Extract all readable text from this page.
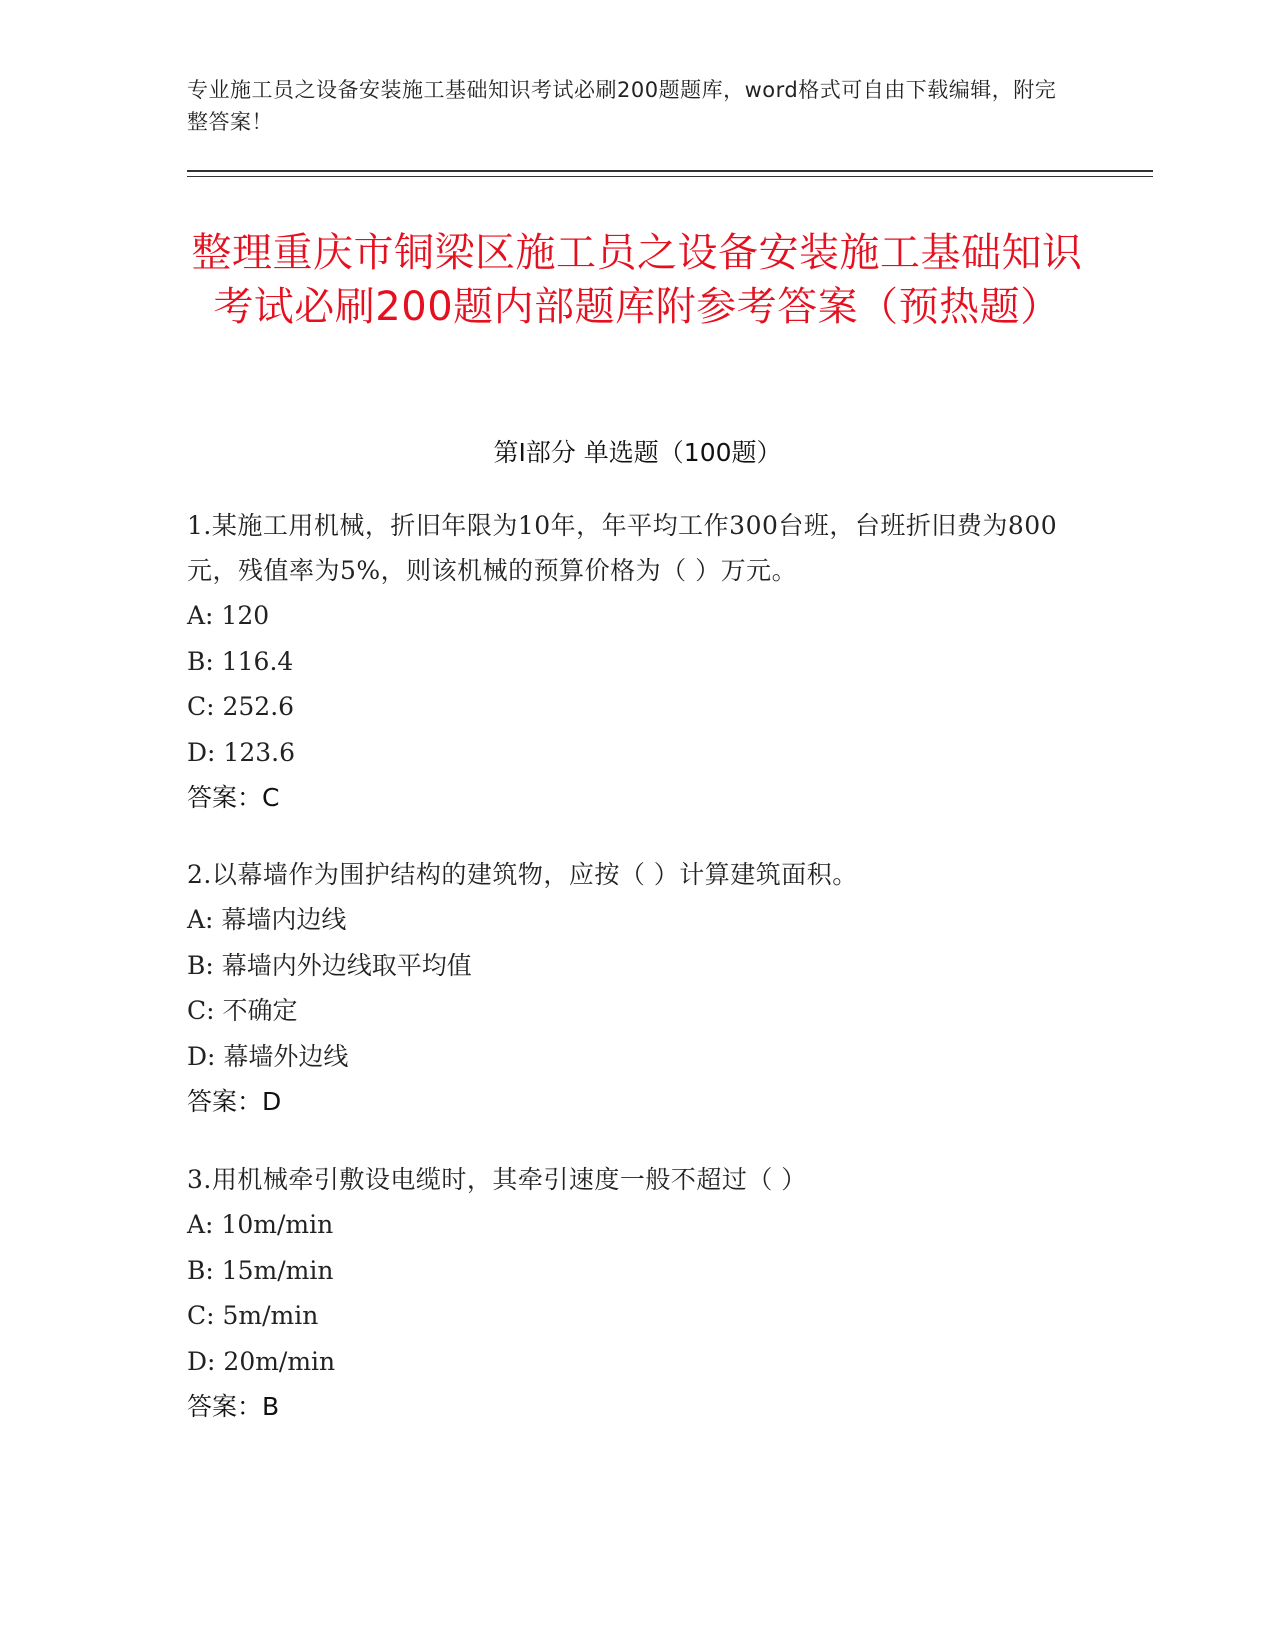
专业施工员之设备安装施工基础知识考试必刷200题题库，word格式可自由下载编辑，附完整答案！
整理重庆市铜梁区施工员之设备安装施工基础知识考试必刷200题内部题库附参考答案（预热题）
第I部分 单选题（100题）
1.某施工用机械，折旧年限为10年，年平均工作300台班，台班折旧费为800元，残值率为5%，则该机械的预算价格为（ ）万元。
A: 120
B: 116.4
C: 252.6
D: 123.6
答案：C
2.以幕墙作为围护结构的建筑物，应按（ ）计算建筑面积。
A: 幕墙内边线
B: 幕墙内外边线取平均值
C: 不确定
D: 幕墙外边线
答案：D
3.用机械牵引敷设电缆时，其牵引速度一般不超过（ ）
A: 10m/min
B: 15m/min
C: 5m/min
D: 20m/min
答案：B
